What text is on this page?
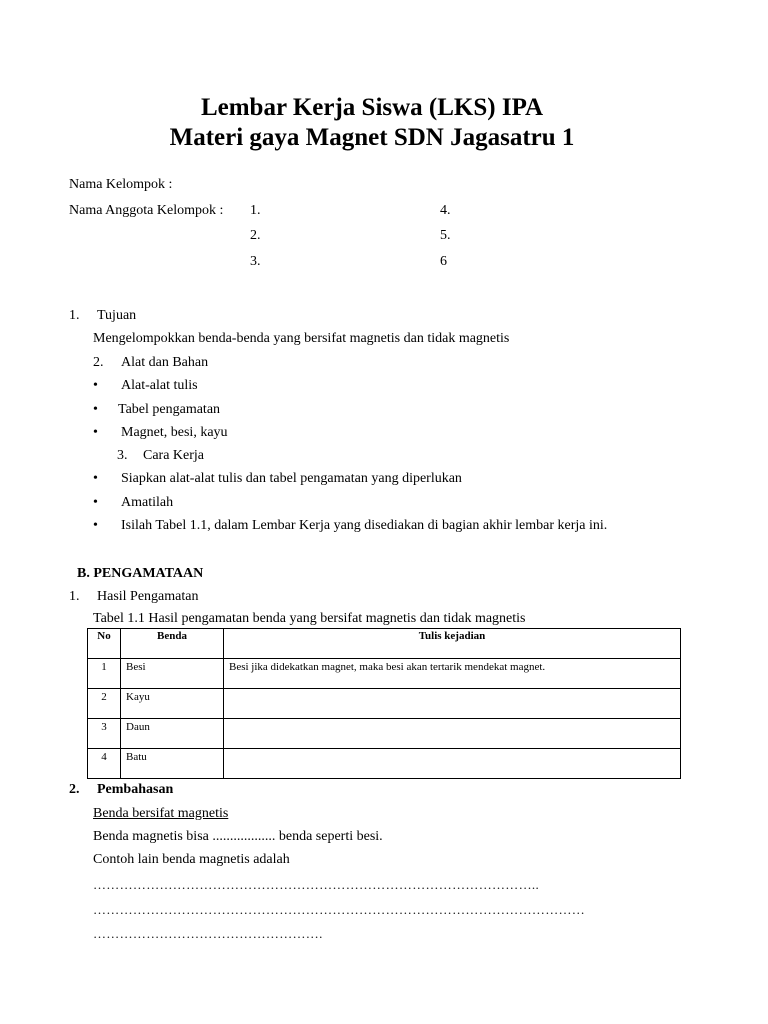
Lembar Kerja Siswa (LKS) IPA
Materi gaya Magnet SDN Jagasatru 1
Nama Kelompok :
Nama Anggota Kelompok : 1.
2.
3.
4.
5.
6
1. Tujuan
Mengelompokkan benda-benda yang bersifat magnetis dan tidak magnetis
2. Alat dan Bahan
• Alat-alat tulis
• Tabel pengamatan
• Magnet, besi, kayu
3. Cara Kerja
• Siapkan alat-alat tulis dan tabel pengamatan yang diperlukan
• Amatilah
• Isilah Tabel 1.1, dalam Lembar Kerja yang disediakan di bagian akhir lembar kerja ini.
B. PENGAMATAAN
1. Hasil Pengamatan
Tabel 1.1 Hasil pengamatan benda yang bersifat magnetis dan tidak magnetis
No	Benda	Tulis kejadian
1	Besi	Besi jika didekatkan magnet, maka besi akan tertarik mendekat magnet.
2	Kayu	
3	Daun	
4	Batu	
2. Pembahasan
Benda bersifat magnetis
Benda magnetis bisa .................. benda seperti besi.
Contoh lain benda magnetis adalah
………………………………………………………………………………………..
…………………………………………………………………………………………………
…………………………………………….
